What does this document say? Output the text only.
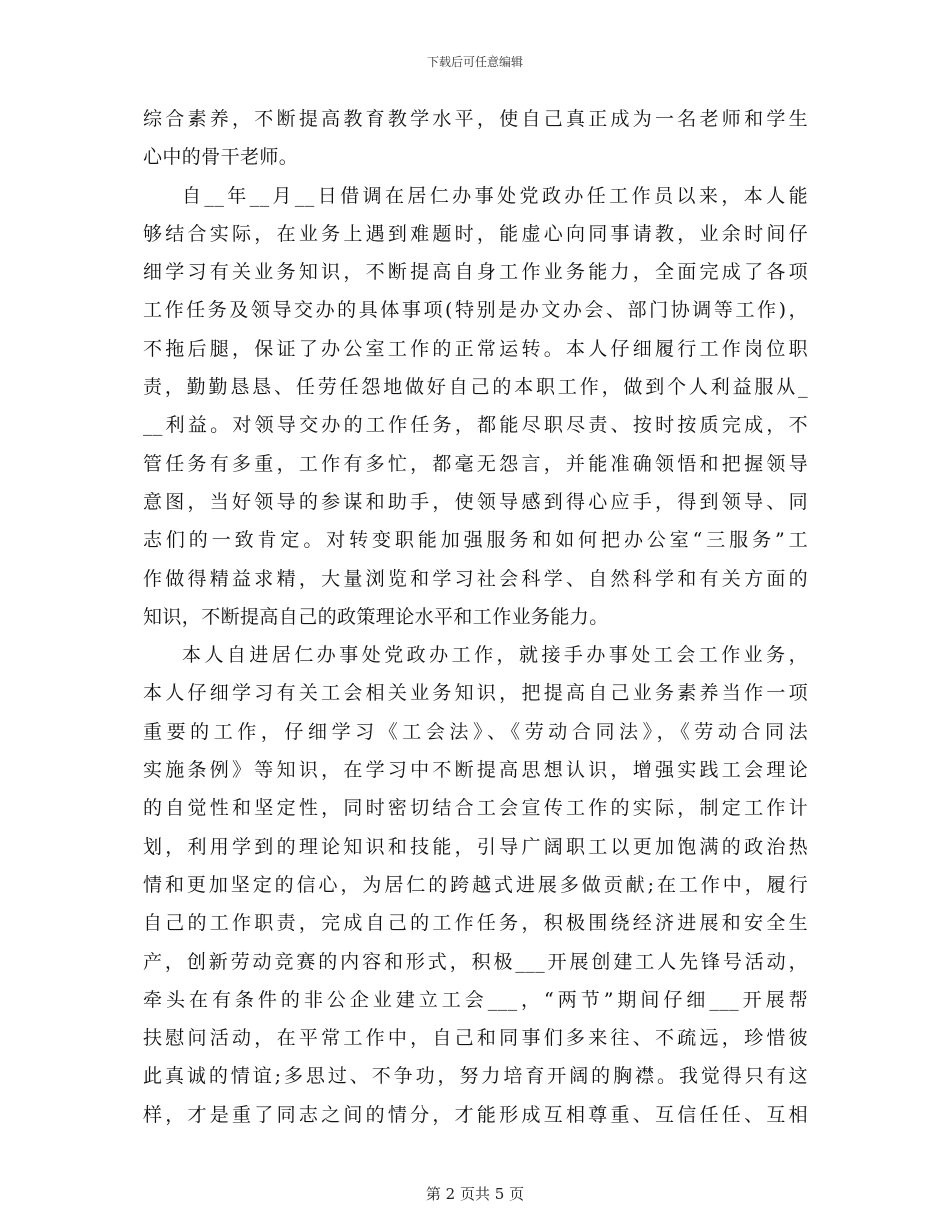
下载后可任意编辑
综合素养，不断提高教育教学水平，使自己真正成为一名老师和学生
心中的骨干老师。
自__年__月__日借调在居仁办事处党政办任工作员以来，本人能
够结合实际，在业务上遇到难题时，能虚心向同事请教，业余时间仔
细学习有关业务知识，不断提高自身工作业务能力，全面完成了各项
工作任务及领导交办的具体事项(特别是办文办会、部门协调等工作)，
不拖后腿，保证了办公室工作的正常运转。本人仔细履行工作岗位职
责，勤勤恳恳、任劳任怨地做好自己的本职工作，做到个人利益服从_
__利益。对领导交办的工作任务，都能尽职尽责、按时按质完成，不
管任务有多重，工作有多忙，都毫无怨言，并能准确领悟和把握领导
意图，当好领导的参谋和助手，使领导感到得心应手，得到领导、同
志们的一致肯定。对转变职能加强服务和如何把办公室“三服务”工
作做得精益求精，大量浏览和学习社会科学、自然科学和有关方面的
知识，不断提高自己的政策理论水平和工作业务能力。
本人自进居仁办事处党政办工作，就接手办事处工会工作业务，
本人仔细学习有关工会相关业务知识，把提高自己业务素养当作一项
重要的工作，仔细学习《工会法》、《劳动合同法》，《劳动合同法
实施条例》等知识，在学习中不断提高思想认识，增强实践工会理论
的自觉性和坚定性，同时密切结合工会宣传工作的实际，制定工作计
划，利用学到的理论知识和技能，引导广阔职工以更加饱满的政治热
情和更加坚定的信心，为居仁的跨越式进展多做贡献;在工作中，履行
自己的工作职责，完成自己的工作任务，积极围绕经济进展和安全生
产，创新劳动竞赛的内容和形式，积极___开展创建工人先锋号活动，
牵头在有条件的非公企业建立工会___，“两节”期间仔细___开展帮
扶慰问活动，在平常工作中，自己和同事们多来往、不疏远，珍惜彼
此真诚的情谊;多思过、不争功，努力培育开阔的胸襟。我觉得只有这
样，才是重了同志之间的情分，才能形成互相尊重、互信任任、互相
第 2 页共 5 页
